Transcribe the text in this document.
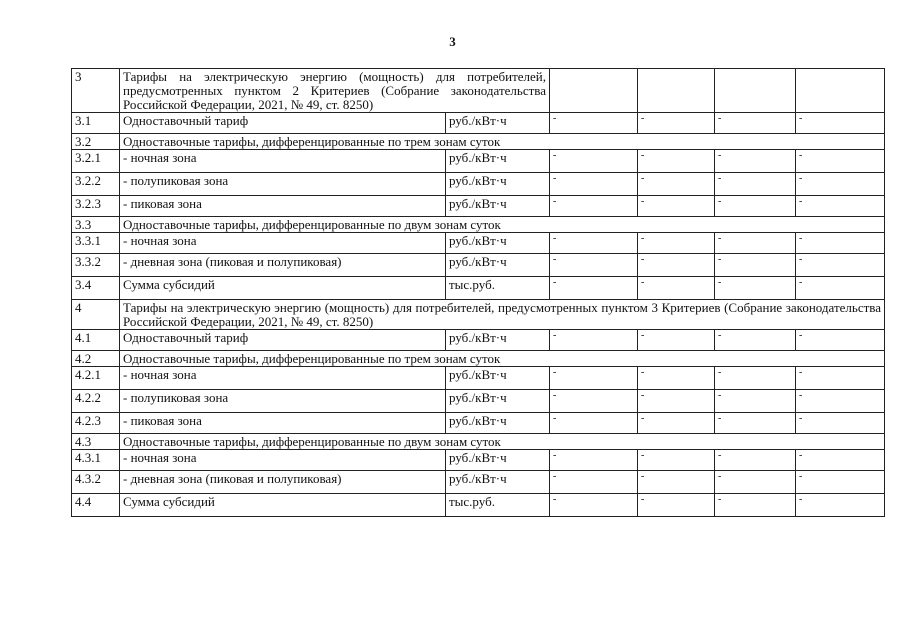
3
3	Тарифы на электрическую энергию (мощность) для потребителей, предусмотренных пунктом 2 Критериев (Собрание законодательства Российской Федерации, 2021, № 49, ст. 8250)					
3.1	Одноставочный тариф	руб./кВт·ч	-	-	-	-

3.2	Одноставочные тарифы, дифференцированные по трем зонам суток					
3.2.1	- ночная зона	руб./кВт·ч	-	-	-	-

3.2.2	- полупиковая зона	руб./кВт·ч	-	-	-	-

3.2.3	- пиковая зона	руб./кВт·ч	-	-	-	-

3.3	Одноставочные тарифы, дифференцированные по двум зонам суток					
3.3.1	- ночная зона	руб./кВт·ч	-	-	-	-

3.3.2	- дневная зона (пиковая и полупиковая)	руб./кВт·ч	-	-	-	-

3.4	Сумма субсидий	тыс.руб.	-	-	-	-

4	Тарифы на электрическую энергию (мощность) для потребителей, предусмотренных пунктом 3 Критериев (Собрание законодательства Российской Федерации, 2021, № 49, ст. 8250)					
4.1	Одноставочный тариф	руб./кВт·ч	-	-	-	-

4.2	Одноставочные тарифы, дифференцированные по трем зонам суток					
4.2.1	- ночная зона	руб./кВт·ч	-	-	-	-

4.2.2	- полупиковая зона	руб./кВт·ч	-	-	-	-

4.2.3	- пиковая зона	руб./кВт·ч	-	-	-	-

4.3	Одноставочные тарифы, дифференцированные по двум зонам суток					
4.3.1	- ночная зона	руб./кВт·ч	-	-	-	-

4.3.2	- дневная зона (пиковая и полупиковая)	руб./кВт·ч	-	-	-	-

4.4	Сумма субсидий	тыс.руб.	-	-	-	-
